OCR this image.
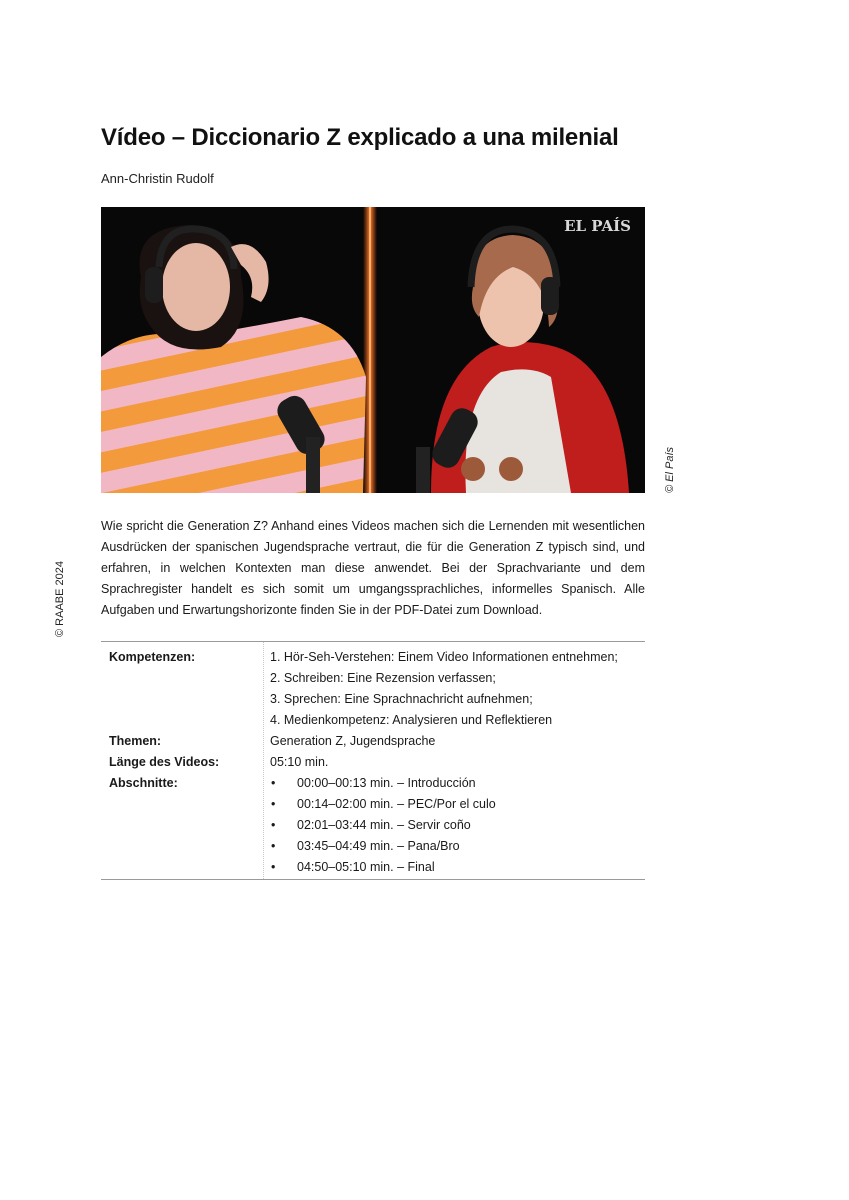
Vídeo – Diccionario Z explicado a una milenial
Ann-Christin Rudolf
EL PAÍS
© El País
© RAABE 2024

Wie spricht die Generation Z? Anhand eines Videos machen sich die Lernenden mit wesentlichen Ausdrücken der spanischen Jugendsprache vertraut, die für die Generation Z typisch sind, und erfahren, in welchen Kontexten man diese anwendet. Bei der Sprachvariante und dem Sprachregister handelt es sich somit um umgangssprachliches, informelles Spanisch. Alle Aufgaben und Erwartungshorizonte finden Sie in der PDF-Datei zum Download.

Kompetenzen:	1. Hör-Seh-Verstehen: Einem Video Informationen entnehmen;
2. Schreiben: Eine Rezension verfassen;
3. Sprechen: Eine Sprachnachricht aufnehmen;
4. Medienkompetenz: Analysieren und Reflektieren
Themen:	Generation Z, Jugendsprache
Länge des Videos:	05:10 min.
Abschnitte:	•	00:00–00:13 min. – Introducción
•	00:14–02:00 min. – PEC/Por el culo
•	02:01–03:44 min. – Servir coño
•	03:45–04:49 min. – Pana/Bro
•	04:50–05:10 min. – Final
